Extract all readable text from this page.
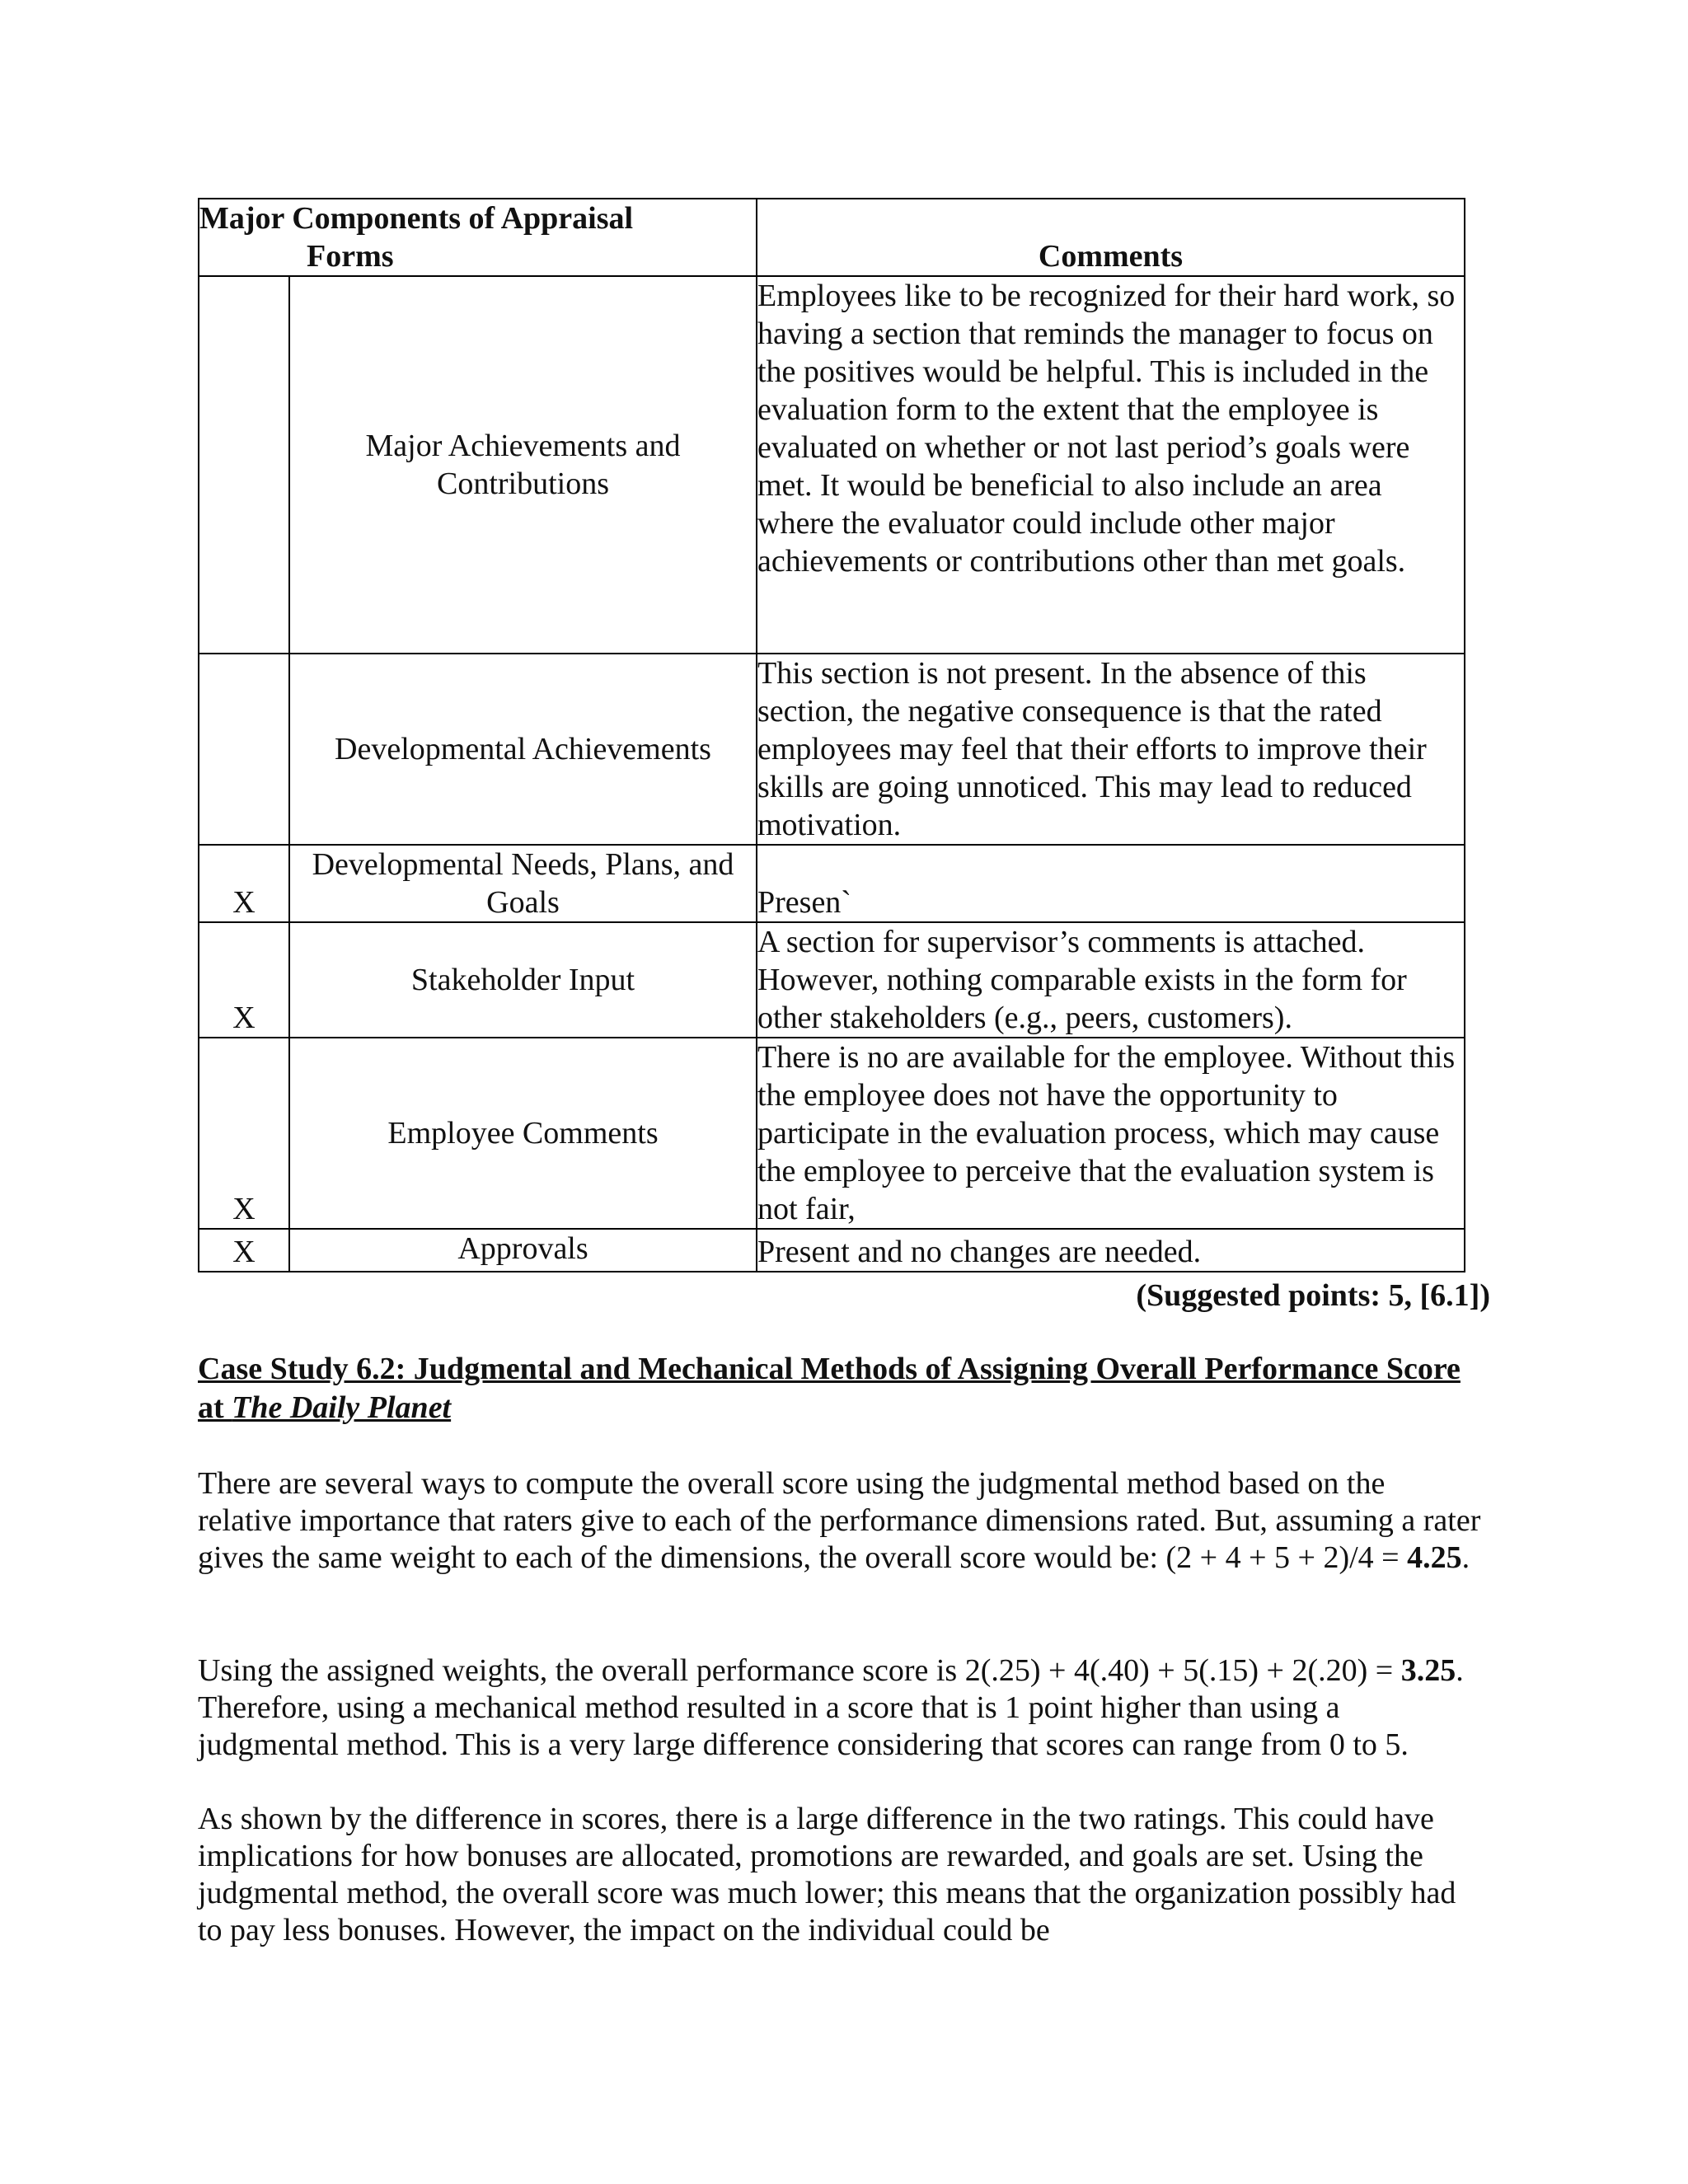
Major Components of Appraisal
Forms		Comments
	Major Achievements and Contributions	Employees like to be recognized for their hard work, so having a section that reminds the manager to focus on the positives would be helpful. This is included in the evaluation form to the extent that the employee is evaluated on whether or not last period’s goals were met. It would be beneficial to also include an area where the evaluator could include other major achievements or contributions other than met goals.
	Developmental Achievements	This section is not present. In the absence of this section, the negative consequence is that the rated employees may feel that their efforts to improve their skills are going unnoticed. This may lead to reduced motivation.
X	Developmental Needs, Plans, and Goals	Presen`
X	Stakeholder Input	A section for supervisor’s comments is attached. However, nothing comparable exists in the form for other stakeholders (e.g., peers, customers).
X	Employee Comments	There is no are available for the employee. Without this the employee does not have the opportunity to participate in the evaluation process, which may cause the employee to perceive that the evaluation system is not fair,
X	Approvals	Present and no changes are needed.
(Suggested points: 5, [6.1])
Case Study 6.2: Judgmental and Mechanical Methods of Assigning Overall Performance Score at The Daily Planet

There are several ways to compute the overall score using the judgmental method based on the relative importance that raters give to each of the performance dimensions rated. But, assuming a rater gives the same weight to each of the dimensions, the overall score would be: (2 + 4 + 5 + 2)/4 = 4.25.

Using the assigned weights, the overall performance score is 2(.25) + 4(.40) + 5(.15) + 2(.20) = 3.25. Therefore, using a mechanical method resulted in a score that is 1 point higher than using a judgmental method. This is a very large difference considering that scores can range from 0 to 5.

As shown by the difference in scores, there is a large difference in the two ratings. This could have implications for how bonuses are allocated, promotions are rewarded, and goals are set. Using the judgmental method, the overall score was much lower; this means that the organization possibly had to pay less bonuses. However, the impact on the individual could be
